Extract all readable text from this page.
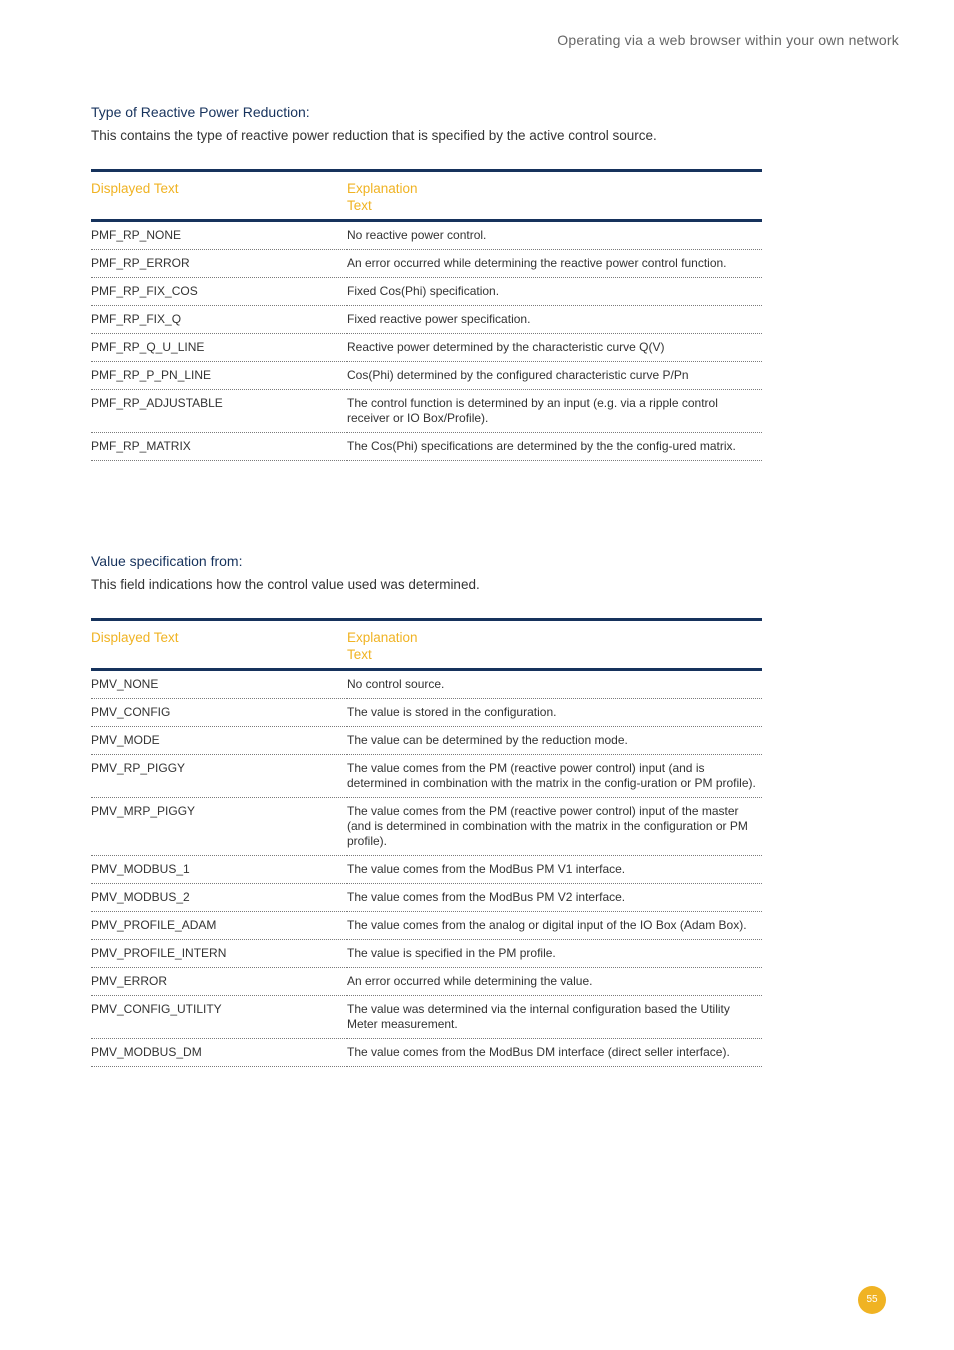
Operating via a web browser within your own network

Type of Reactive Power Reduction:

This contains the type of reactive power reduction that is specified by the active control source.

Displayed Text	Explanation
Text
PMF_RP_NONE	No reactive power control.
PMF_RP_ERROR	An error occurred while determining the reactive power control function.
PMF_RP_FIX_COS	Fixed Cos(Phi) specification.
PMF_RP_FIX_Q	Fixed reactive power specification.
PMF_RP_Q_U_LINE	Reactive power determined by the characteristic curve Q(V)
PMF_RP_P_PN_LINE	Cos(Phi) determined by the configured characteristic curve P/Pn
PMF_RP_ADJUSTABLE	The control function is determined by an input (e.g. via a ripple control receiver or IO Box/Profile).
PMF_RP_MATRIX	The Cos(Phi) specifications are determined by the the config-ured matrix.

Value specification from:

This field indications how the control value used was determined.

Displayed Text	Explanation
Text
PMV_NONE	No control source.
PMV_CONFIG	The value is stored in the configuration.
PMV_MODE	The value can be determined by the reduction mode.
PMV_RP_PIGGY	The value comes from the PM (reactive power control) input (and is determined in combination with the matrix in the config-uration or PM profile).
PMV_MRP_PIGGY	The value comes from the PM (reactive power control) input of the master (and is determined in combination with the matrix in the configuration or PM profile).
PMV_MODBUS_1	The value comes from the ModBus PM V1 interface.
PMV_MODBUS_2	The value comes from the ModBus PM V2 interface.
PMV_PROFILE_ADAM	The value comes from the analog or digital input of the IO Box (Adam Box).
PMV_PROFILE_INTERN	The value is specified in the PM profile.
PMV_ERROR	An error occurred while determining the value.
PMV_CONFIG_UTILITY	The value was determined via the internal configuration based the Utility Meter measurement.
PMV_MODBUS_DM	The value comes from the ModBus DM interface (direct seller interface).
55
